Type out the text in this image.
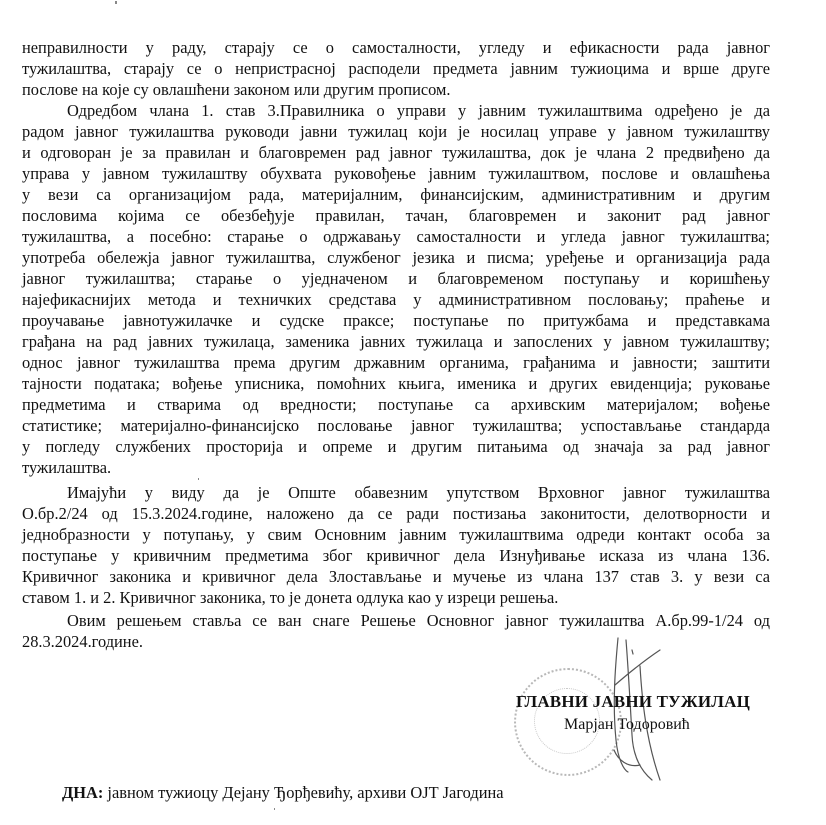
неправилности у раду, старају се о самосталности, угледу и ефикасности рада јавног
тужилаштва, старају се о непристрасној расподели предмета јавним тужиоцима и врше друге
послове на које су овлашћени законом или другим прописом.
Одредбом члана 1. став 3.Правилника о управи у јавним тужилаштвима одређено је да
радом јавног тужилаштва руководи јавни тужилац који је носилац управе у јавном тужилаштву
и одговоран је за правилан и благовремен рад јавног тужилаштва, док је члана 2 предвиђено да
управа у јавном тужилаштву обухвата руковођење јавним тужилаштвом, послове и овлашћења
у вези са организацијом рада, материјалним, финансијским, административним и другим
пословима којима се обезбеђује правилан, тачан, благовремен и законит рад јавног
тужилаштва, а посебно: старање о одржавању самосталности и угледа јавног тужилаштва;
употреба обележја јавног тужилаштва, службеног језика и писма; уређење и организација рада
јавног тужилаштва; старање о уједначеном и благовременом поступању и коришћењу
најефикаснијих метода и техничких средстава у административном пословању; праћење и
проучавање јавнотужилачке и судске праксе; поступање по притужбама и представкама
грађана на рад јавних тужилаца, заменика јавних тужилаца и запослених у јавном тужилаштву;
однос јавног тужилаштва према другим државним органима, грађанима и јавности; заштити
тајности података; вођење уписника, помоћних књига, именика и других евиденција; руковање
предметима и стварима од вредности; поступање са архивским материјалом; вођење
статистике; материјално-финансијско пословање јавног тужилаштва; успостављање стандарда
у погледу службених просторија и опреме и другим питањима од значаја за рад јавног
тужилаштва.
Имајући у виду да је Опште обавезним упутством Врховног јавног тужилаштва
О.бр.2/24 од 15.3.2024.године, наложено да се ради постизања законитости, делотворности и
једнобразности у потупању, у свим Основним јавним тужилаштвима одреди контакт особа за
поступање у кривичним предметима због кривичног дела Изнуђивање исказа из члана 136.
Кривичног законика и кривичног дела Злостављање и мучење из члана 137 став 3. у вези са
ставом 1. и 2. Кривичног законика, то је донета одлука као у изреци решења.
Овим решењем ставља се ван снаге Решење Основног јавног тужилаштва А.бр.99-1/24 од
28.3.2024.године.
ГЛАВНИ ЈАВНИ ТУЖИЛАЦ
Марјан Тодоровић
ДНА: јавном тужиоцу Дејану Ђорђевићу, архиви ОЈТ Јагодина
